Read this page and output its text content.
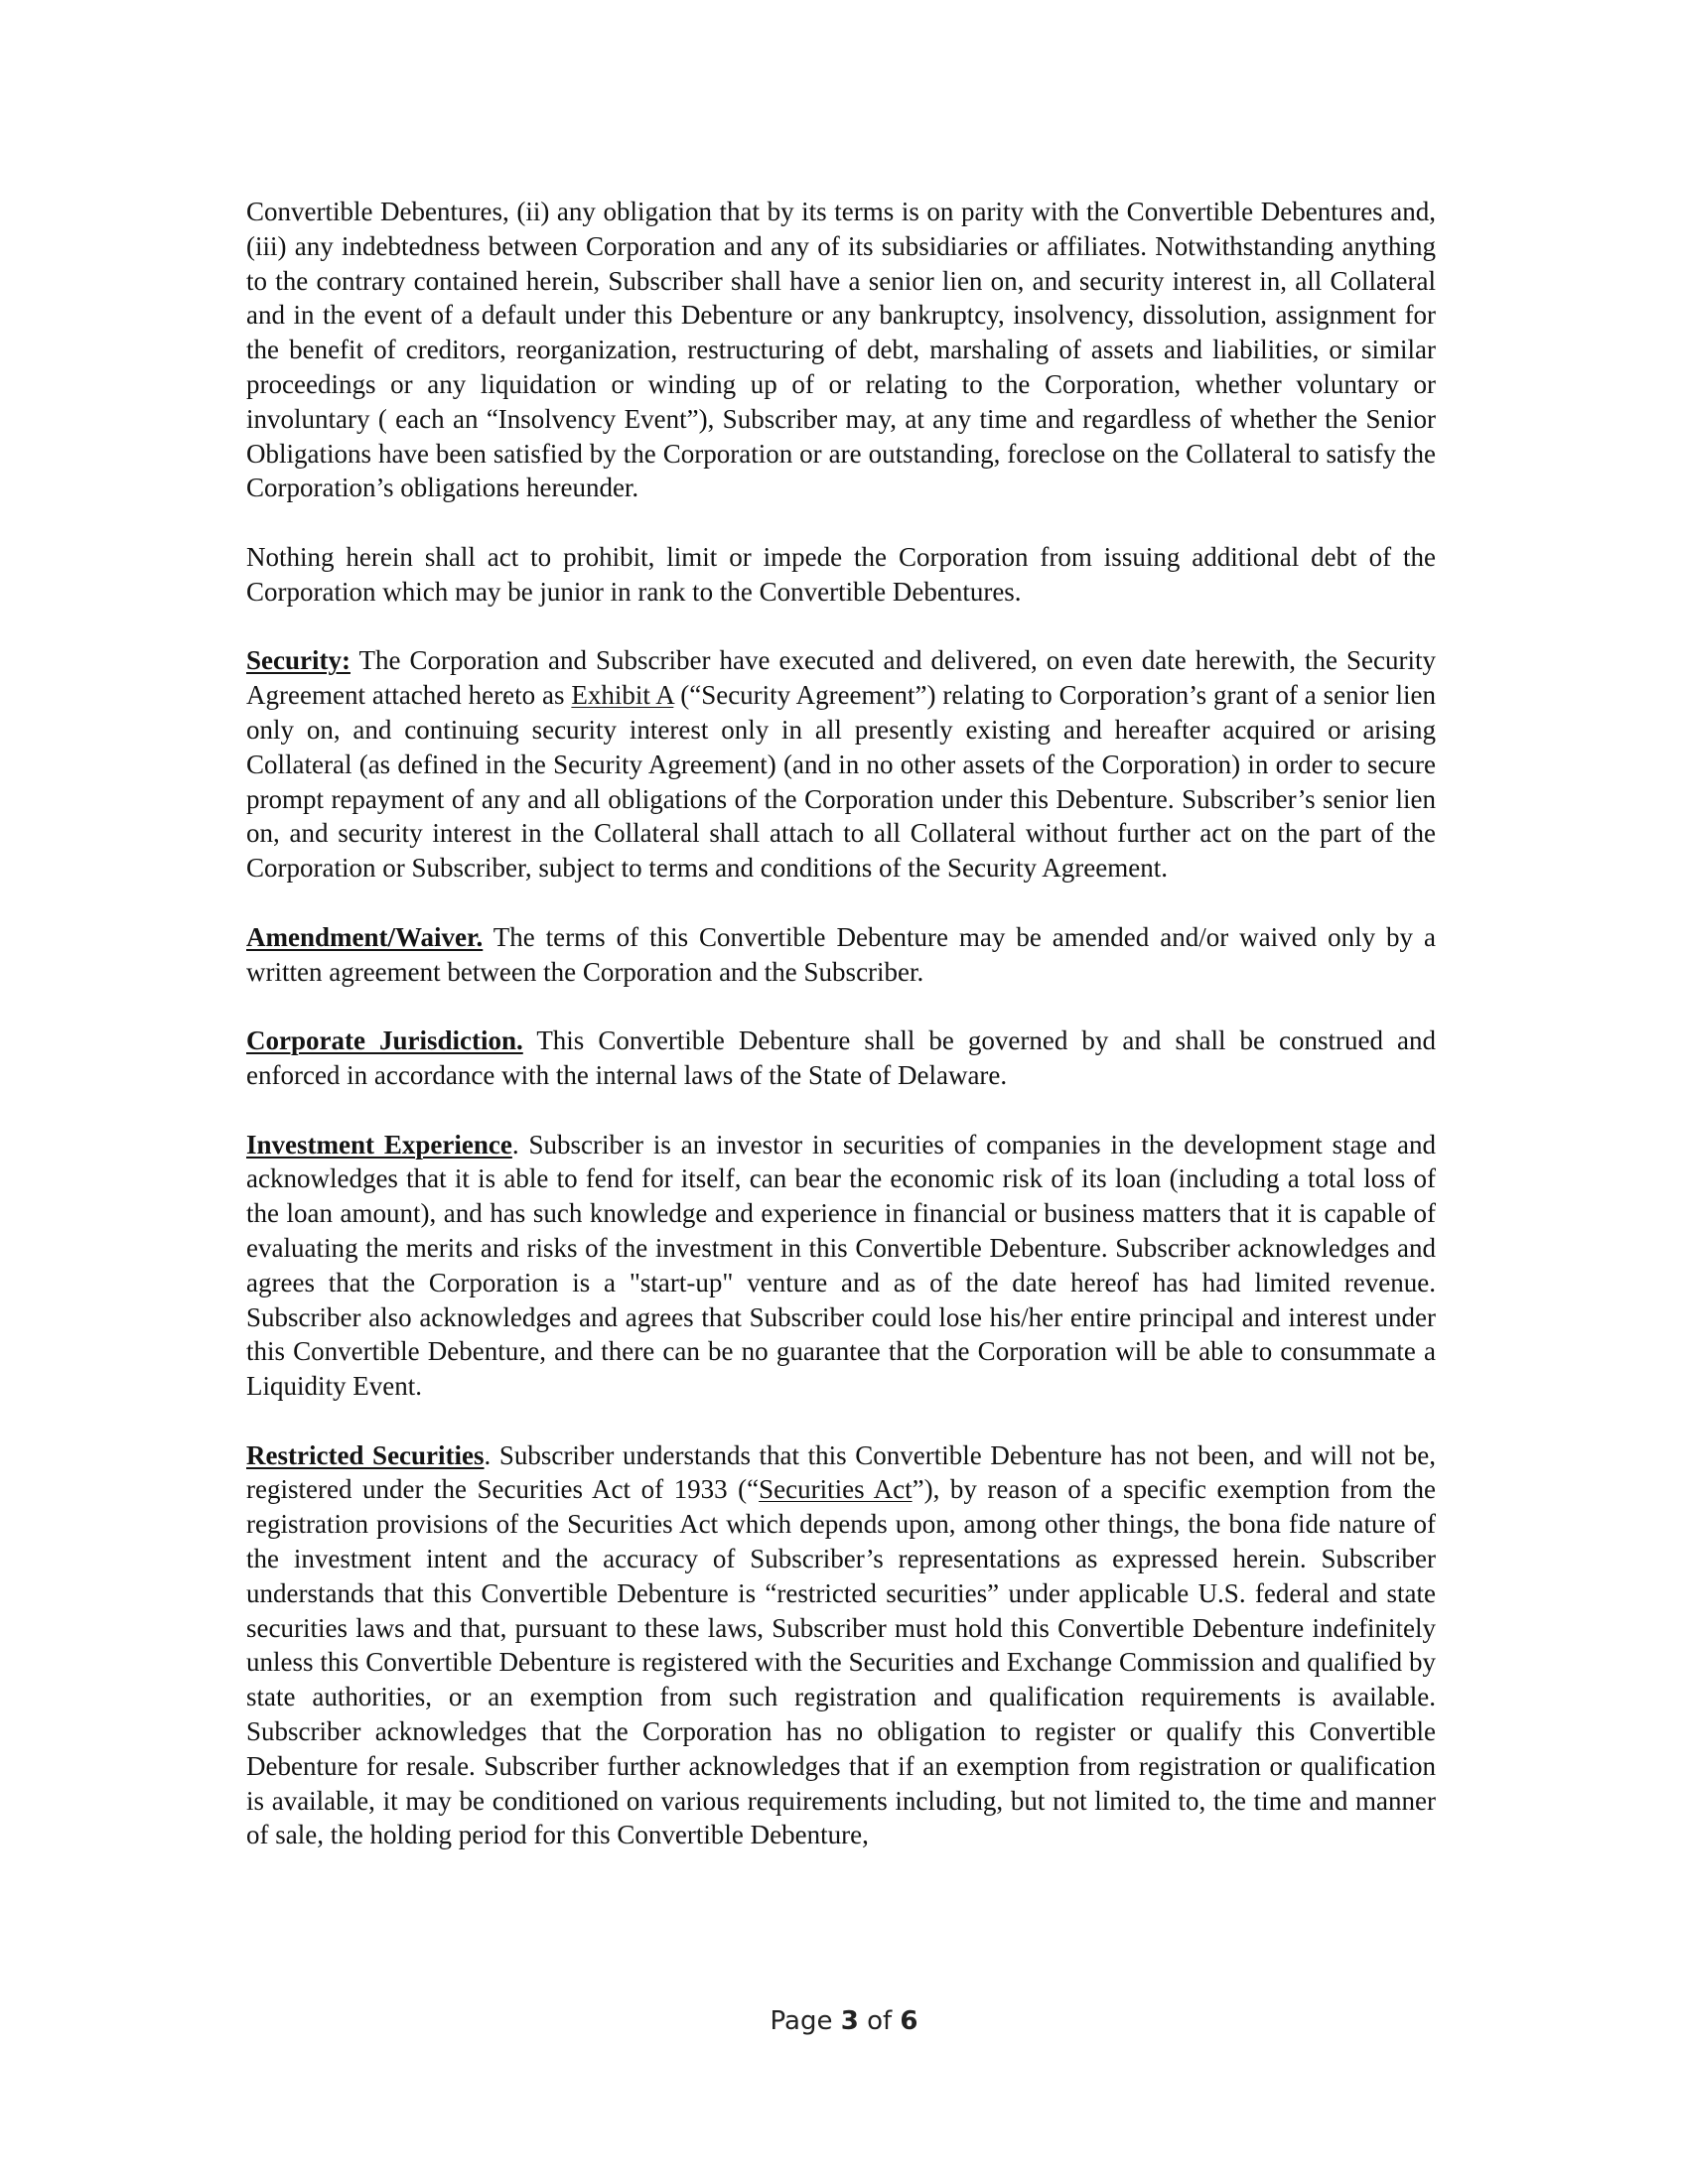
Convertible Debentures, (ii) any obligation that by its terms is on parity with the Convertible Debentures and, (iii) any indebtedness between Corporation and any of its subsidiaries or affiliates. Notwithstanding anything to the contrary contained herein, Subscriber shall have a senior lien on, and security interest in, all Collateral and in the event of a default under this Debenture or any bankruptcy, insolvency, dissolution, assignment for the benefit of creditors, reorganization, restructuring of debt, marshaling of assets and liabilities, or similar proceedings or any liquidation or winding up of or relating to the Corporation, whether voluntary or involuntary ( each an “Insolvency Event”), Subscriber may, at any time and regardless of whether the Senior Obligations have been satisfied by the Corporation or are outstanding, foreclose on the Collateral to satisfy the Corporation’s obligations hereunder.

Nothing herein shall act to prohibit, limit or impede the Corporation from issuing additional debt of the Corporation which may be junior in rank to the Convertible Debentures.

Security: The Corporation and Subscriber have executed and delivered, on even date herewith, the Security Agreement attached hereto as Exhibit A (“Security Agreement”) relating to Corporation’s grant of a senior lien only on, and continuing security interest only in all presently existing and hereafter acquired or arising Collateral (as defined in the Security Agreement) (and in no other assets of the Corporation) in order to secure prompt repayment of any and all obligations of the Corporation under this Debenture. Subscriber’s senior lien on, and security interest in the Collateral shall attach to all Collateral without further act on the part of the Corporation or Subscriber, subject to terms and conditions of the Security Agreement.

Amendment/Waiver. The terms of this Convertible Debenture may be amended and/or waived only by a written agreement between the Corporation and the Subscriber.

Corporate Jurisdiction. This Convertible Debenture shall be governed by and shall be construed and enforced in accordance with the internal laws of the State of Delaware.

Investment Experience. Subscriber is an investor in securities of companies in the development stage and acknowledges that it is able to fend for itself, can bear the economic risk of its loan (including a total loss of the loan amount), and has such knowledge and experience in financial or business matters that it is capable of evaluating the merits and risks of the investment in this Convertible Debenture. Subscriber acknowledges and agrees that the Corporation is a "start-up" venture and as of the date hereof has had limited revenue. Subscriber also acknowledges and agrees that Subscriber could lose his/her entire principal and interest under this Convertible Debenture, and there can be no guarantee that the Corporation will be able to consummate a Liquidity Event.

Restricted Securities. Subscriber understands that this Convertible Debenture has not been, and will not be, registered under the Securities Act of 1933 (“Securities Act”), by reason of a specific exemption from the registration provisions of the Securities Act which depends upon, among other things, the bona fide nature of the investment intent and the accuracy of Subscriber’s representations as expressed herein. Subscriber understands that this Convertible Debenture is “restricted securities” under applicable U.S. federal and state securities laws and that, pursuant to these laws, Subscriber must hold this Convertible Debenture indefinitely unless this Convertible Debenture is registered with the Securities and Exchange Commission and qualified by state authorities, or an exemption from such registration and qualification requirements is available. Subscriber acknowledges that the Corporation has no obligation to register or qualify this Convertible Debenture for resale. Subscriber further acknowledges that if an exemption from registration or qualification is available, it may be conditioned on various requirements including, but not limited to, the time and manner of sale, the holding period for this Convertible Debenture,

Page 3 of 6
